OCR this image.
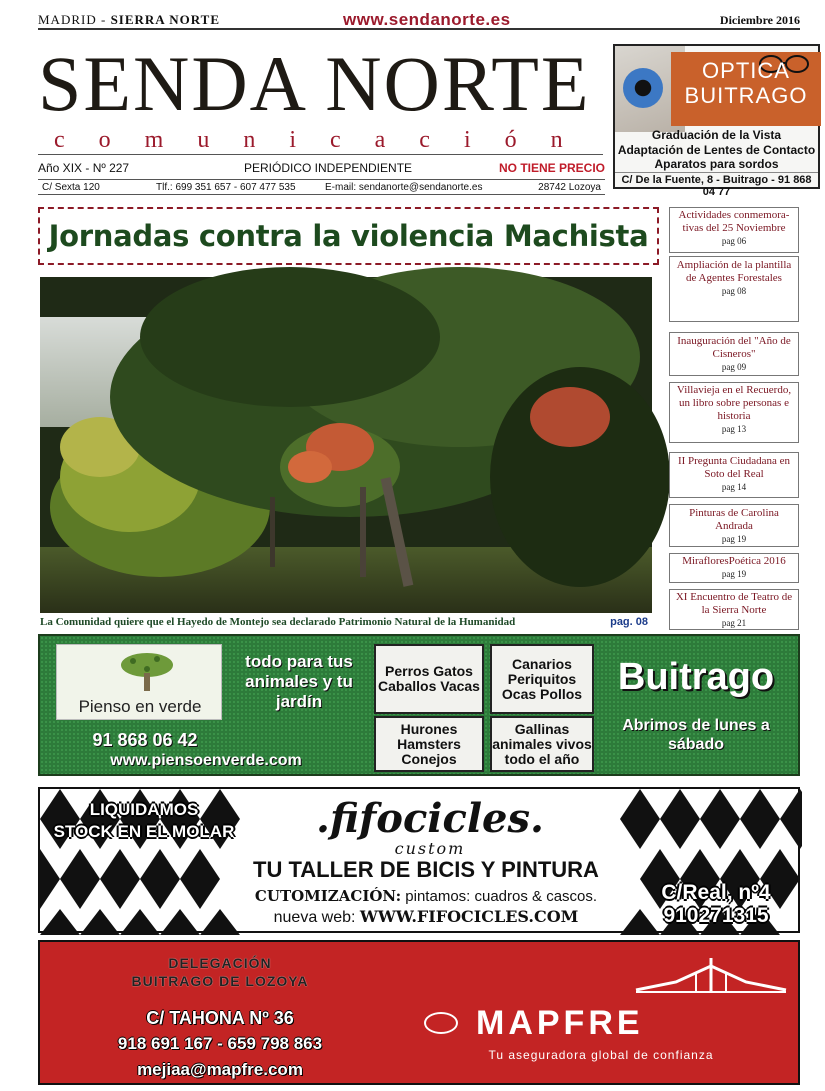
MADRID - SIERRA NORTE	www.sendanorte.es	Diciembre 2016
SENDA NORTE
comunicación
Año XIX - Nº 227	PERIÓDICO INDEPENDIENTE	NO TIENE PRECIO
C/ Sexta 120	Tlf.: 699 351 657 - 607 477 535	E-mail: sendanorte@sendanorte.es	28742 Lozoya
OPTICA
BUITRAGO
Graduación de la Vista
Adaptación de Lentes de Contacto
Aparatos para sordos
C/ De la Fuente, 8 - Buitrago - 91 868 04 77
Jornadas contra la violencia Machista
La Comunidad quiere que el Hayedo de Montejo sea declarado Patrimonio Natural de la Humanidad	pag. 08
Actividades conmemora-tivas del 25 Noviembre
pag 06
Ampliación de la plantilla de Agentes Forestales
pag 08
Inauguración del "Año de Cisneros"
pag 09
Villavieja en el Recuerdo, un libro sobre personas e historia
pag 13
II Pregunta Ciudadana en Soto del Real
pag 14
Pinturas de Carolina Andrada
pag 19
MirafloresPoética 2016
pag 19
XI Encuentro de Teatro de la Sierra Norte
pag 21
Pienso en verde
todo para tus animales y tu jardín
91 868 06 42
www.piensoenverde.com
Perros Gatos Caballos Vacas
Canarios Periquitos Ocas Pollos
Hurones Hamsters Conejos
Gallinas animales vivos todo el año
Buitrago
Abrimos de lunes a sábado
LIQUIDAMOS
STOCK EN EL MOLAR	.fifocicles.
custom
TU TALLER DE BICIS Y PINTURA
CUTOMIZACIÓN: pintamos: cuadros & cascos.
nueva web: WWW.FIFOCICLES.COM
C/Real, nº4
910271315
DELEGACIÓN
BUITRAGO DE LOZOYA
C/ TAHONA Nº 36
918 691 167 - 659 798 863
mejiaa@mapfre.com
MAPFRE
Tu aseguradora global de confianza
